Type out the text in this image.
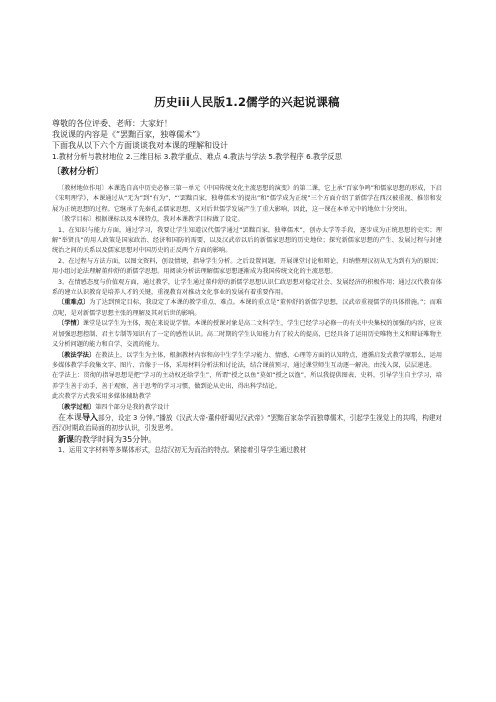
历史iii人民版1.2儒学的兴起说课稿

尊敬的各位评委、老师：大家好！

我说课的内容是《“罢黜百家，独尊儒术”》

下面我从以下六个方面谈谈我对本课的理解和设计

1.教材分析与教材地位 2.三维目标 3.教学重点、难点 4.教法与学法 5.教学程序 6.教学反思

〔教材分析〕

〔教材地位作用〕本课选自高中历史必修三第一单元《中国传统文化主流思想的演变》的第二课，它上承“百家争鸣”和儒家思想的形成，下启《宋明理学》，本课通过从“无为”到“有为”，“‘罢黜百家，独尊儒术’的提出”和“儒学成为正统”三个方面介绍了新儒学在西汉被重视、推崇和发展为正统思想的过程。它继承了先秦孔孟儒家思想，又对后世儒学发展产生了重大影响，因此，这一课在本单元中的地位十分突出。

〔教学目标〕根据课标以及本课特点，我对本课教学目标做了设定。

1、在知识与能力方面，通过学习，我要让学生知道汉代儒学通过“罢黜百家，独尊儒术”，创办太学等手段，逐步成为正统思想的史实；理解“举贤良”的用人政策是国家政治、经济和国防的需要，以及汉武帝以后的新儒家思想的历史地位；探究新儒家思想的产生、发展过程与封建统治之间的关系以及儒家思想对中国历史的正反两个方面的影响。

2、在过程与方法方面，以图文资料，创设情境，指导学生分析。之后设置问题，开展课堂讨论和辩论，归纳整理汉初从无为到有为的原因；用小组讨论法理解董仲舒的新儒学思想。用阅读分析法理解儒家思想逐渐成为我国传统文化的主流思想。

3、在情感态度与价值观方面，通过教学，让学生通过董仲舒的新儒学思想认识仁政思想对稳定社会、发展经济的积极作用；通过汉代教育体系的建立认识教育是培养人才的关键，重视教育对推动文化事业的发展有着重要作用。

〔重难点〕为了达到预定目标，我设定了本课的教学重点、难点。本课的重点是“董仲舒的新儒学思想，汉武帝重视儒学的具体措施。”；而难点呢，是对新儒学思想主张的理解及其对后世的影响。

〔学情〕课堂是以学生为主体，现在来说说学情。本课的授课对象是高二文科学生，学生已经学习必修一的有关中央集权的加强的内容，应该对加强思想控制、君主专制等知识有了一定的感性认识。高二时期的学生认知能力有了较大的提高，已经具备了运用历史唯物主义和辩证唯物主义分析问题的能力和自学、交流的能力。

〔教法学法〕在教法上，以学生为主体，根据教材内容和高中生学生学习能力、情感、心理等方面的认知特点，遵循启发式教学原那么，运用多媒体教学手段集文字、图片、音像于一体，采用材料分析法和讨论法，结合课前预习，通过课堂师生互动逐一解决。由浅入深，层层递进。

在学法上：贯彻的指导思想是把“学习的主动权还给学生”，所谓“授之以鱼”莫如“授之以渔”，所以我提供图表、史料，引导学生自主学习，培养学生善于动手，善于观察，善于思考的学习习惯，做到论从史出，得出科学结论。

此次教学方式我采用多媒体辅助教学

〔教学过程〕第四个部分是我的教学设计

在本课导入部分，设定 3 分钟。”播放《汉武大帝-董仲舒谒见汉武帝》“罢黜百家杂学而独尊儒术，引起学生视觉上的共鸣，构建对西汉时期政治局面的初步认识，引发思考。

新课的教学时间为35分钟。

1、运用文字材料等多媒体形式，总结汉初无为而治的特点。紧接着引导学生通过教材
